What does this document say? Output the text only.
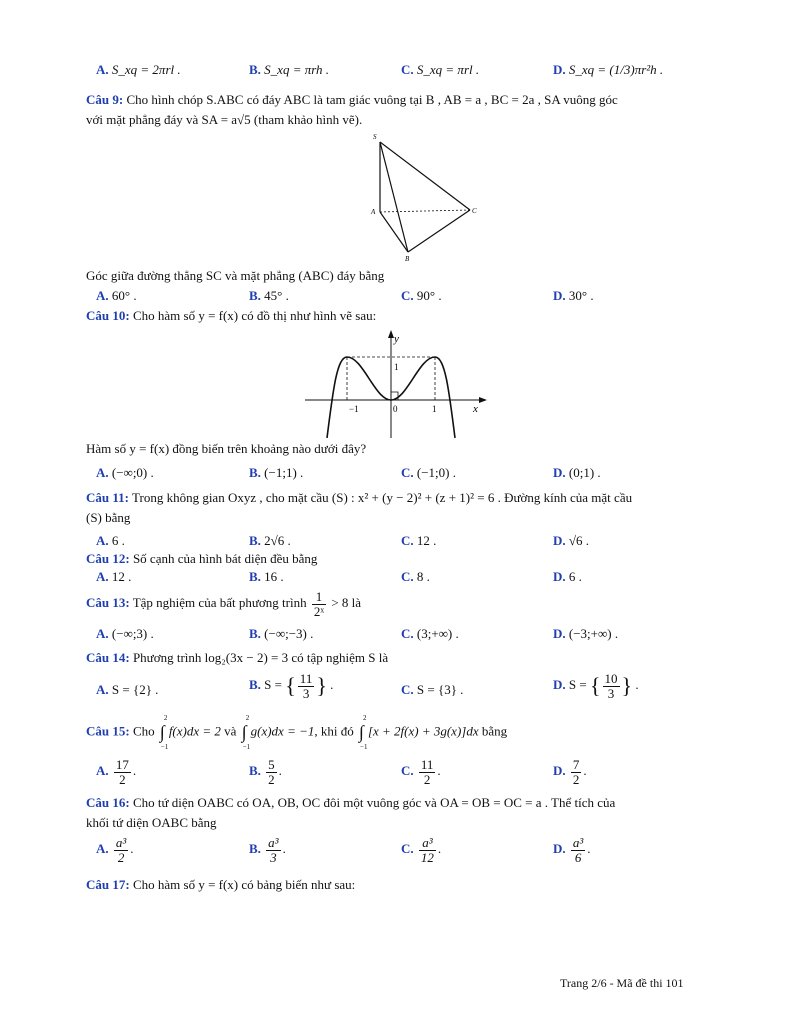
A. S_xq = 2πrl .	B. S_xq = πrh .	C. S_xq = πrl .	D. S_xq = (1/3)πr²h .
Câu 9: Cho hình chóp S.ABC có đáy ABC là tam giác vuông tại B , AB = a , BC = 2a , SA vuông góc
với mặt phẳng đáy và SA = a√5 (tham khảo hình vẽ).
S
A
B
C
Góc giữa đường thẳng SC và mặt phẳng (ABC) đáy bằng
A. 60° .	B. 45° .	C. 90° .	D. 30° .
Câu 10: Cho hàm số y = f(x) có đồ thị như hình vẽ sau:
y
x
1
0
−1	1
Hàm số y = f(x) đồng biến trên khoảng nào dưới đây?
A. (−∞;0) .	B. (−1;1) .	C. (−1;0) .	D. (0;1) .
Câu 11: Trong không gian Oxyz , cho mặt cầu (S) : x² + (y − 2)² + (z + 1)² = 6 . Đường kính của mặt cầu
(S) bằng
A. 6 .	B. 2√6 .	C. 12 .	D. √6 .
Câu 12: Số cạnh của hình bát diện đều bằng
A. 12 .	B. 16 .	C. 8 .	D. 6 .
Câu 13: Tập nghiệm của bất phương trình $\frac{1}{\text{2ˣ}} > 8$ là
A. (−∞;3) .	B. (−∞;−3) .	C. (3;+∞) .	D. (−3;+∞) .
Câu 14: Phương trình log₂(3x − 2) = 3 có tập nghiệm S là
A. S = {2} .	B. S = { $\frac{11}{3}$ } .	C. S = {3} .	D. S = { $\frac{10}{3}$ } .
Câu 15: Cho ∫
2
−1
f(x)dx = 2 và ∫
2
−1
g(x)dx = −1, khi đó ∫
2
−1
[x + 2f(x) + 3g(x)]dx bằng
A. $\frac{17}{2}$ .	B. $\frac{5}{2}$ .	C. $\frac{11}{2}$ .	D. $\frac{7}{2}$ .
Câu 16: Cho tứ diện OABC có OA, OB, OC đôi một vuông góc và OA = OB = OC = a . Thể tích của
khối tứ diện OABC bằng
A. $\frac{\text{a³}}{2}$ .	B. $\frac{\text{a³}}{3}$ .	C. $\frac{\text{a³}}{12}$ .	D. $\frac{\text{a³}}{6}$ .
Câu 17: Cho hàm số y = f(x) có bảng biến như sau:
Trang 2/6 - Mã đề thi 101
